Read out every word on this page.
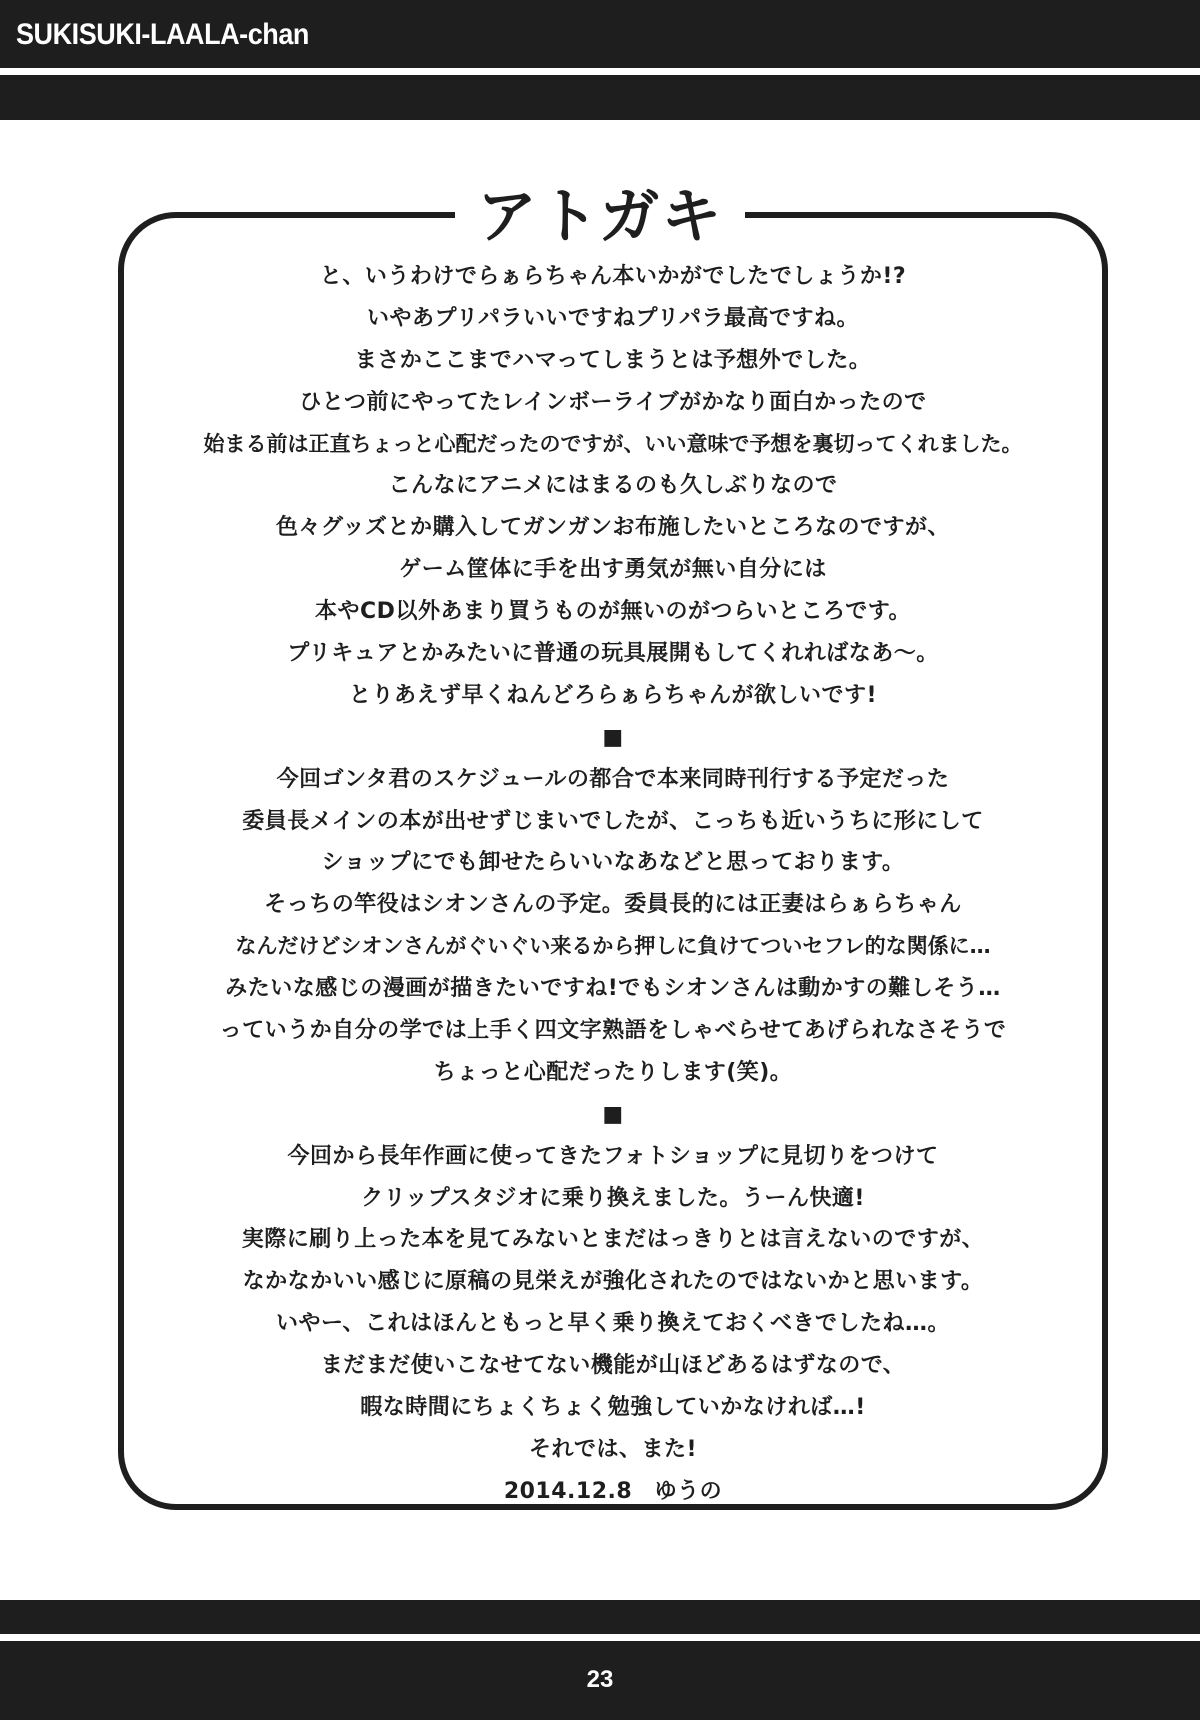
SUKISUKI-LAALA-chan
アトガキ
と、いうわけでらぁらちゃん本いかがでしたでしょうか!?
いやあプリパラいいですねプリパラ最高ですね。
まさかここまでハマってしまうとは予想外でした。
ひとつ前にやってたレインボーライブがかなり面白かったので
始まる前は正直ちょっと心配だったのですが、いい意味で予想を裏切ってくれました。
こんなにアニメにはまるのも久しぶりなので
色々グッズとか購入してガンガンお布施したいところなのですが、
ゲーム筐体に手を出す勇気が無い自分には
本やCD以外あまり買うものが無いのがつらいところです。
プリキュアとかみたいに普通の玩具展開もしてくれればなあ〜。
とりあえず早くねんどろらぁらちゃんが欲しいです!
■
今回ゴンタ君のスケジュールの都合で本来同時刊行する予定だった
委員長メインの本が出せずじまいでしたが、こっちも近いうちに形にして
ショップにでも卸せたらいいなあなどと思っております。
そっちの竿役はシオンさんの予定。委員長的には正妻はらぁらちゃん
なんだけどシオンさんがぐいぐい来るから押しに負けてついセフレ的な関係に…
みたいな感じの漫画が描きたいですね!でもシオンさんは動かすの難しそう…
っていうか自分の学では上手く四文字熟語をしゃべらせてあげられなさそうで
ちょっと心配だったりします(笑)。
■
今回から長年作画に使ってきたフォトショップに見切りをつけて
クリップスタジオに乗り換えました。うーん快適!
実際に刷り上った本を見てみないとまだはっきりとは言えないのですが、
なかなかいい感じに原稿の見栄えが強化されたのではないかと思います。
いやー、これはほんともっと早く乗り換えておくべきでしたね…。
まだまだ使いこなせてない機能が山ほどあるはずなので、
暇な時間にちょくちょく勉強していかなければ…!
それでは、また!
2014.12.8　ゆうの
23
